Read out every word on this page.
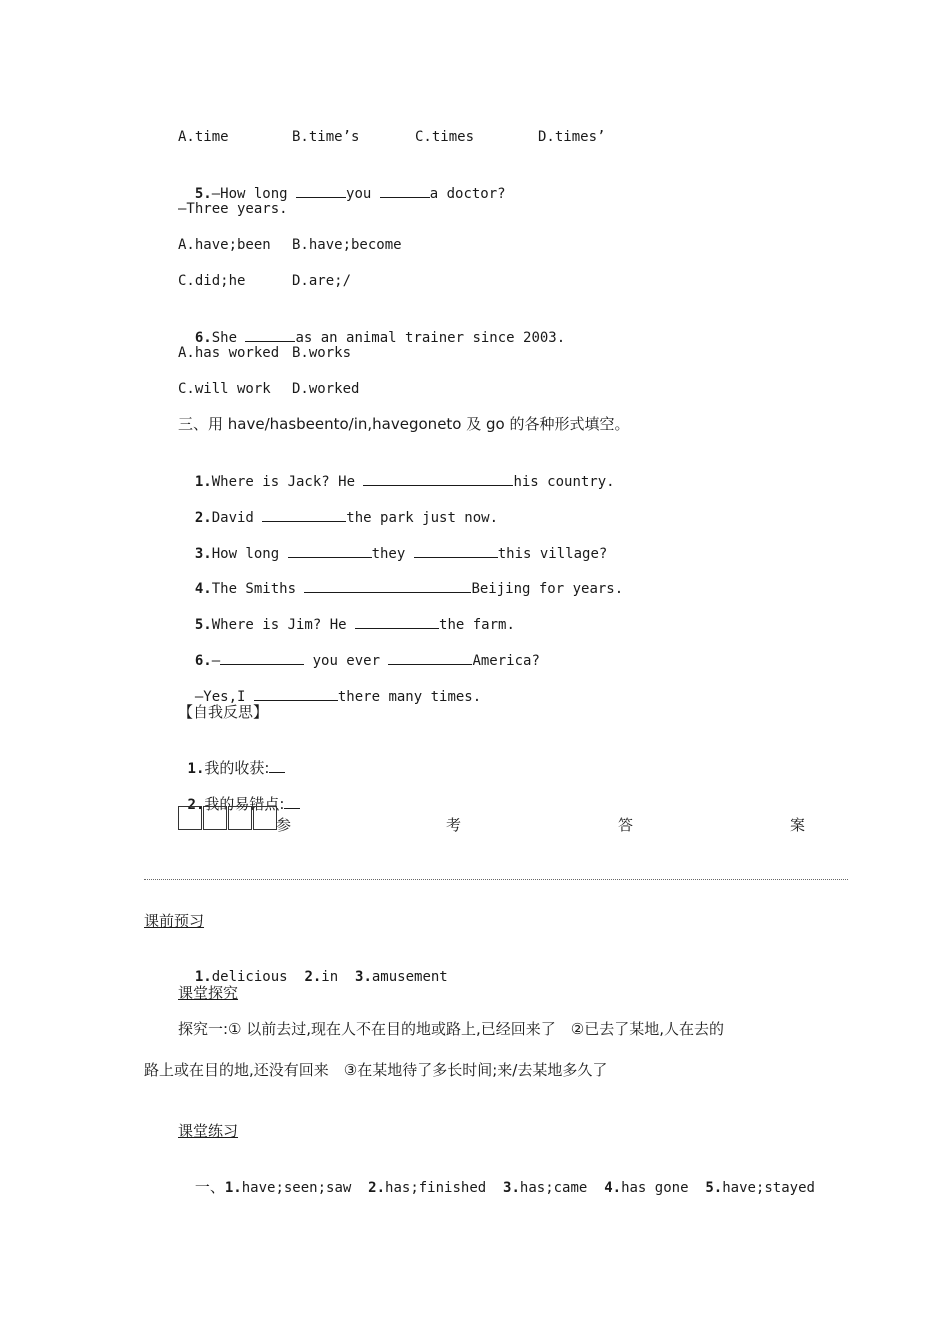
A.time	B.time’s	C.times	D.times’

5.—How long	you	a doctor?

—Three years.
A.have;been B.have;become
C.did;he	D.are;/

6.She	as an animal trainer since 2003.

A.has worked B.works
C.will work D.worked
三、用 have/hasbeento/in,havegoneto 及 go 的各种形式填空。

1.Where is Jack? He	his country.

2.David	the park just now.

3.How long	they	this village?

4.The Smiths	Beijing for years.

5.Where is Jim? He	the farm.

6.—	you ever	America?

—Yes,I	there many times.

【自我反思】

1.我的收获:

2.我的易错点:

参	考	答	案
课前预习

1.delicious 2.in 3.amusement

课堂探究
探究一:① 以前去过,现在人不在目的地或路上,已经回来了　②已去了某地,人在去的
路上或在目的地,还没有回来　③在某地待了多长时间;来/去某地多久了
课堂练习

一、1.have;seen;saw 2.has;finished 3.has;came 4.has gone 5.have;stayed
